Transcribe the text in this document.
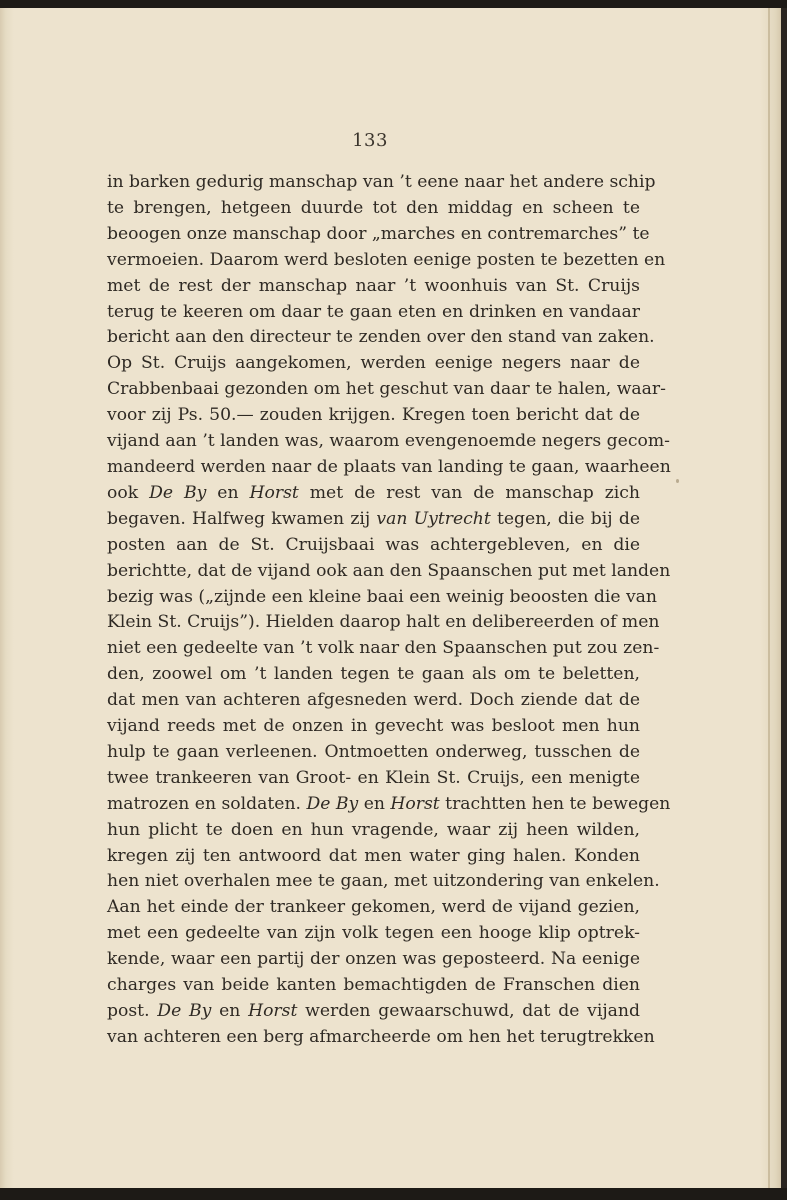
133
in barken gedurig manschap van ’t eene naar het andere schip
te brengen, hetgeen duurde tot den middag en scheen te
beoogen onze manschap door „marches en contremarches” te
vermoeien. Daarom werd besloten eenige posten te bezetten en
met de rest der manschap naar ’t woonhuis van St. Cruijs
terug te keeren om daar te gaan eten en drinken en vandaar
bericht aan den directeur te zenden over den stand van zaken.
Op St. Cruijs aangekomen, werden eenige negers naar de
Crabbenbaai gezonden om het geschut van daar te halen, waar-
voor zij Ps. 50.— zouden krijgen. Kregen toen bericht dat de
vijand aan ’t landen was, waarom evengenoemde negers gecom-
mandeerd werden naar de plaats van landing te gaan, waarheen
ook De By en Horst met de rest van de manschap zich
begaven. Halfweg kwamen zij van Uytrecht tegen, die bij de
posten aan de St. Cruijsbaai was achtergebleven, en die
berichtte, dat de vijand ook aan den Spaanschen put met landen
bezig was („zijnde een kleine baai een weinig beoosten die van
Klein St. Cruijs”). Hielden daarop halt en delibereerden of men
niet een gedeelte van ’t volk naar den Spaanschen put zou zen-
den, zoowel om ’t landen tegen te gaan als om te beletten,
dat men van achteren afgesneden werd. Doch ziende dat de
vijand reeds met de onzen in gevecht was besloot men hun
hulp te gaan verleenen. Ontmoetten onderweg, tusschen de
twee trankeeren van Groot- en Klein St. Cruijs, een menigte
matrozen en soldaten. De By en Horst trachtten hen te bewegen
hun plicht te doen en hun vragende, waar zij heen wilden,
kregen zij ten antwoord dat men water ging halen. Konden
hen niet overhalen mee te gaan, met uitzondering van enkelen.
Aan het einde der trankeer gekomen, werd de vijand gezien,
met een gedeelte van zijn volk tegen een hooge klip optrek-
kende, waar een partij der onzen was geposteerd. Na eenige
charges van beide kanten bemachtigden de Franschen dien
post. De By en Horst werden gewaarschuwd, dat de vijand
van achteren een berg afmarcheerde om hen het terugtrekken
